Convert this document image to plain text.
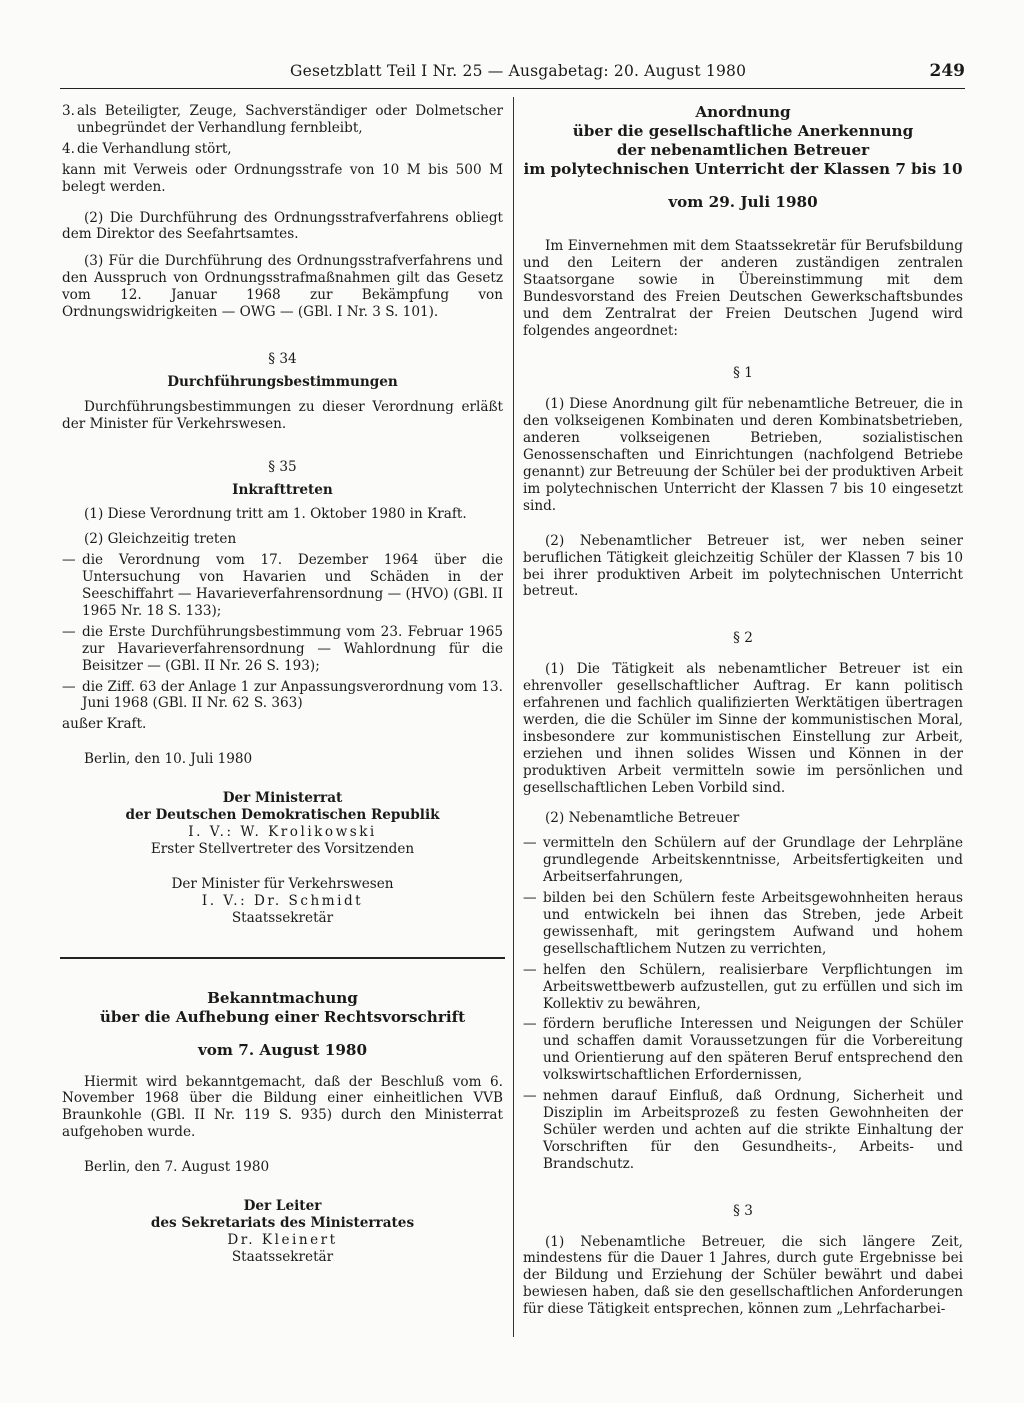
Gesetzblatt Teil I Nr. 25 — Ausgabetag: 20. August 1980	249
3. als Beteiligter, Zeuge, Sachverständiger oder Dolmetscher unbegründet der Verhandlung fernbleibt,
4. die Verhandlung stört,

kann mit Verweis oder Ordnungsstrafe von 10 M bis 500 M belegt werden.

(2) Die Durchführung des Ordnungsstrafverfahrens obliegt dem Direktor des Seefahrtsamtes.

(3) Für die Durchführung des Ordnungsstrafverfahrens und den Ausspruch von Ordnungsstrafmaßnahmen gilt das Gesetz vom 12. Januar 1968 zur Bekämpfung von Ordnungswidrigkeiten — OWG — (GBl. I Nr. 3 S. 101).

§ 34

Durchführungsbestimmungen

Durchführungsbestimmungen zu dieser Verordnung erläßt der Minister für Verkehrswesen.

§ 35

Inkrafttreten

(1) Diese Verordnung tritt am 1. Oktober 1980 in Kraft.

(2) Gleichzeitig treten

— die Verordnung vom 17. Dezember 1964 über die Untersuchung von Havarien und Schäden in der Seeschiffahrt — Havarieverfahrensordnung — (HVO) (GBl. II 1965 Nr. 18 S. 133);
— die Erste Durchführungsbestimmung vom 23. Februar 1965 zur Havarieverfahrensordnung — Wahlordnung für die Beisitzer — (GBl. II Nr. 26 S. 193);
— die Ziff. 63 der Anlage 1 zur Anpassungsverordnung vom 13. Juni 1968 (GBl. II Nr. 62 S. 363)

außer Kraft.

Berlin, den 10. Juli 1980

Der Ministerrat

der Deutschen Demokratischen Republik

I. V.: W. Krolikowski

Erster Stellvertreter des Vorsitzenden

Der Minister für Verkehrswesen

I. V.: Dr. Schmidt

Staatssekretär

Bekanntmachung

über die Aufhebung einer Rechtsvorschrift

vom 7. August 1980

Hiermit wird bekanntgemacht, daß der Beschluß vom 6. November 1968 über die Bildung einer einheitlichen VVB Braunkohle (GBl. II Nr. 119 S. 935) durch den Ministerrat aufgehoben wurde.

Berlin, den 7. August 1980

Der Leiter

des Sekretariats des Ministerrates

Dr. Kleinert

Staatssekretär

Anordnung

über die gesellschaftliche Anerkennung

der nebenamtlichen Betreuer

im polytechnischen Unterricht der Klassen 7 bis 10

vom 29. Juli 1980

Im Einvernehmen mit dem Staatssekretär für Berufsbildung und den Leitern der anderen zuständigen zentralen Staatsorgane sowie in Übereinstimmung mit dem Bundesvorstand des Freien Deutschen Gewerkschaftsbundes und dem Zentralrat der Freien Deutschen Jugend wird folgendes angeordnet:

§ 1

(1) Diese Anordnung gilt für nebenamtliche Betreuer, die in den volkseigenen Kombinaten und deren Kombinatsbetrieben, anderen volkseigenen Betrieben, sozialistischen Genossenschaften und Einrichtungen (nachfolgend Betriebe genannt) zur Betreuung der Schüler bei der produktiven Arbeit im polytechnischen Unterricht der Klassen 7 bis 10 eingesetzt sind.

(2) Nebenamtlicher Betreuer ist, wer neben seiner beruflichen Tätigkeit gleichzeitig Schüler der Klassen 7 bis 10 bei ihrer produktiven Arbeit im polytechnischen Unterricht betreut.

§ 2

(1) Die Tätigkeit als nebenamtlicher Betreuer ist ein ehrenvoller gesellschaftlicher Auftrag. Er kann politisch erfahrenen und fachlich qualifizierten Werktätigen übertragen werden, die die Schüler im Sinne der kommunistischen Moral, insbesondere zur kommunistischen Einstellung zur Arbeit, erziehen und ihnen solides Wissen und Können in der produktiven Arbeit vermitteln sowie im persönlichen und gesellschaftlichen Leben Vorbild sind.

(2) Nebenamtliche Betreuer

— vermitteln den Schülern auf der Grundlage der Lehrpläne grundlegende Arbeitskenntnisse, Arbeitsfertigkeiten und Arbeitserfahrungen,
— bilden bei den Schülern feste Arbeitsgewohnheiten heraus und entwickeln bei ihnen das Streben, jede Arbeit gewissenhaft, mit geringstem Aufwand und hohem gesellschaftlichem Nutzen zu verrichten,
— helfen den Schülern, realisierbare Verpflichtungen im Arbeitswettbewerb aufzustellen, gut zu erfüllen und sich im Kollektiv zu bewähren,
— fördern berufliche Interessen und Neigungen der Schüler und schaffen damit Voraussetzungen für die Vorbereitung und Orientierung auf den späteren Beruf entsprechend den volkswirtschaftlichen Erfordernissen,
— nehmen darauf Einfluß, daß Ordnung, Sicherheit und Disziplin im Arbeitsprozeß zu festen Gewohnheiten der Schüler werden und achten auf die strikte Einhaltung der Vorschriften für den Gesundheits-, Arbeits- und Brandschutz.

§ 3

(1) Nebenamtliche Betreuer, die sich längere Zeit, mindestens für die Dauer 1 Jahres, durch gute Ergebnisse bei der Bildung und Erziehung der Schüler bewährt und dabei bewiesen haben, daß sie den gesellschaftlichen Anforderungen für diese Tätigkeit entsprechen, können zum „Lehrfacharbei-
